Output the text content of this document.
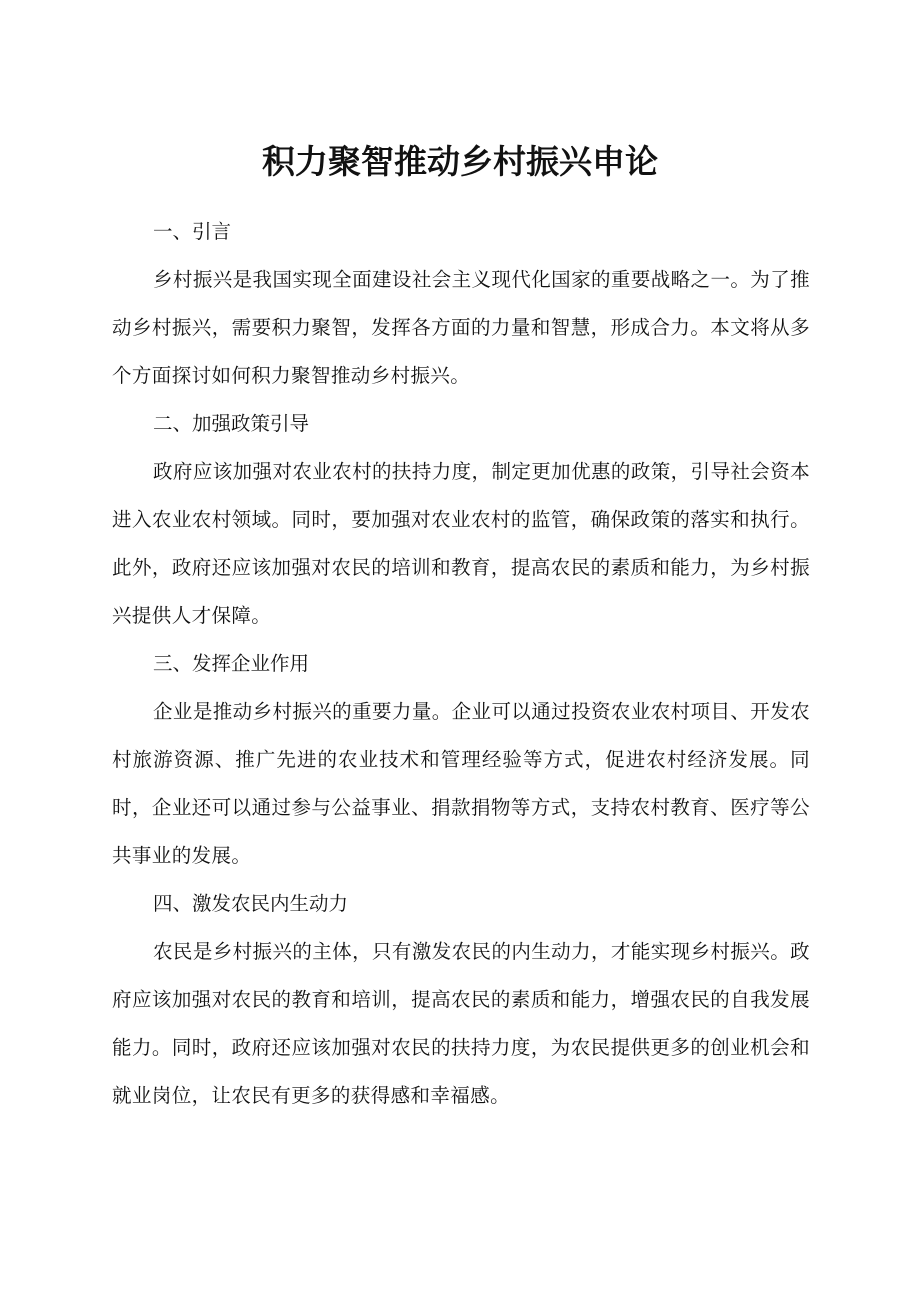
积力聚智推动乡村振兴申论

一、引言

乡村振兴是我国实现全面建设社会主义现代化国家的重要战略之一。为了推动乡村振兴，需要积力聚智，发挥各方面的力量和智慧，形成合力。本文将从多个方面探讨如何积力聚智推动乡村振兴。

二、加强政策引导

政府应该加强对农业农村的扶持力度，制定更加优惠的政策，引导社会资本进入农业农村领域。同时，要加强对农业农村的监管，确保政策的落实和执行。此外，政府还应该加强对农民的培训和教育，提高农民的素质和能力，为乡村振兴提供人才保障。

三、发挥企业作用

企业是推动乡村振兴的重要力量。企业可以通过投资农业农村项目、开发农村旅游资源、推广先进的农业技术和管理经验等方式，促进农村经济发展。同时，企业还可以通过参与公益事业、捐款捐物等方式，支持农村教育、医疗等公共事业的发展。

四、激发农民内生动力

农民是乡村振兴的主体，只有激发农民的内生动力，才能实现乡村振兴。政府应该加强对农民的教育和培训，提高农民的素质和能力，增强农民的自我发展能力。同时，政府还应该加强对农民的扶持力度，为农民提供更多的创业机会和就业岗位，让农民有更多的获得感和幸福感。
